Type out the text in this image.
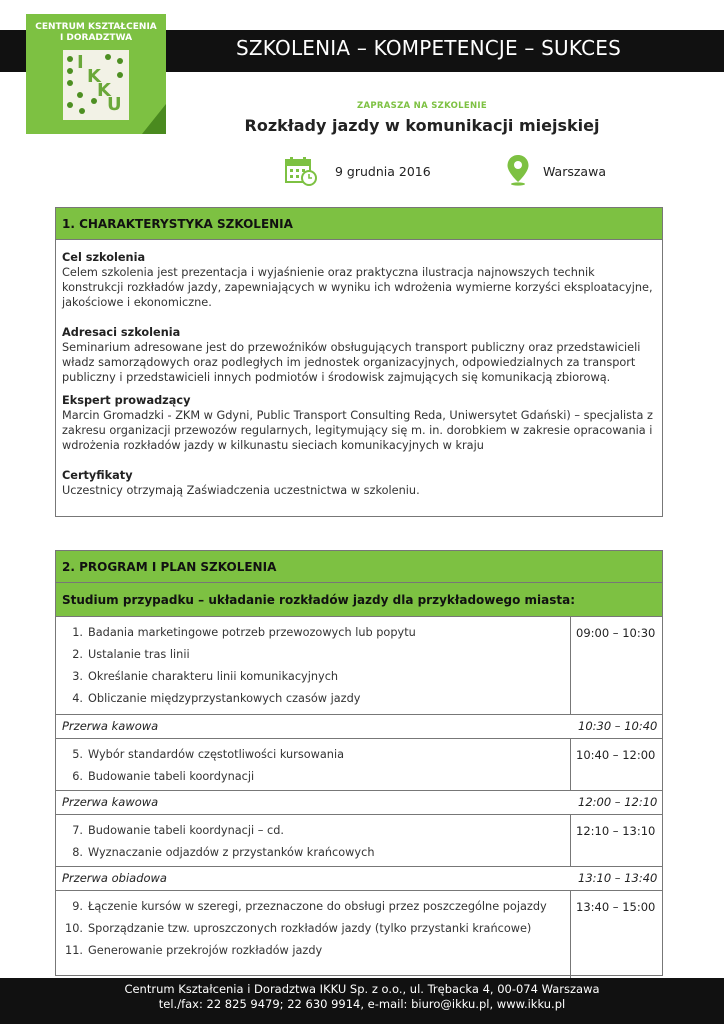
SZKOLENIA – KOMPETENCJE – SUKCES
CENTRUM KSZTAŁCENIA
I DORADZTWA
I
K
K
U	ZAPRASZA NA SZKOLENIE
Rozkłady jazdy w komunikacji miejskiej
9 grudnia 2016	Warszawa
1. CHARAKTERYSTYKA SZKOLENIA
Cel szkolenia
Celem szkolenia jest prezentacja i wyjaśnienie oraz praktyczna ilustracja najnowszych technik konstrukcji rozkładów jazdy, zapewniających w wyniku ich wdrożenia wymierne korzyści eksploatacyjne, jakościowe i ekonomiczne.
Adresaci szkolenia
Seminarium adresowane jest do przewoźników obsługujących transport publiczny oraz przedstawicieli władz samorządowych oraz podległych im jednostek organizacyjnych, odpowiedzialnych za transport publiczny i przedstawicieli innych podmiotów i środowisk zajmujących się komunikacją zbiorową.
Ekspert prowadzący
Marcin Gromadzki - ZKM w Gdyni, Public Transport Consulting Reda, Uniwersytet Gdański) – specjalista z zakresu organizacji przewozów regularnych, legitymujący się m. in. dorobkiem w zakresie opracowania i wdrożenia rozkładów jazdy w kilkunastu sieciach komunikacyjnych w kraju
Certyfikaty
Uczestnicy otrzymają Zaświadczenia uczestnictwa w szkoleniu.
2. PROGRAM I PLAN SZKOLENIA
Studium przypadku – układanie rozkładów jazdy dla przykładowego miasta:
1. Badania marketingowe potrzeb przewozowych lub popytu
2. Ustalanie tras linii
3. Określanie charakteru linii komunikacyjnych
4. Obliczanie międzyprzystankowych czasów jazdy
09:00 – 10:30
Przerwa kawowa	10:30 – 10:40
5. Wybór standardów częstotliwości kursowania
6. Budowanie tabeli koordynacji
10:40 – 12:00
Przerwa kawowa	12:00 – 12:10
7. Budowanie tabeli koordynacji – cd.
8. Wyznaczanie odjazdów z przystanków krańcowych
12:10 – 13:10
Przerwa obiadowa	13:10 – 13:40
9. Łączenie kursów w szeregi, przeznaczone do obsługi przez poszczególne pojazdy
10. Sporządzanie tzw. uproszczonych rozkładów jazdy (tylko przystanki krańcowe)
11. Generowanie przekrojów rozkładów jazdy
13:40 – 15:00
Centrum Kształcenia i Doradztwa IKKU Sp. z o.o., ul. Trębacka 4, 00-074 Warszawa
tel./fax: 22 825 9479; 22 630 9914, e-mail: biuro@ikku.pl, www.ikku.pl
